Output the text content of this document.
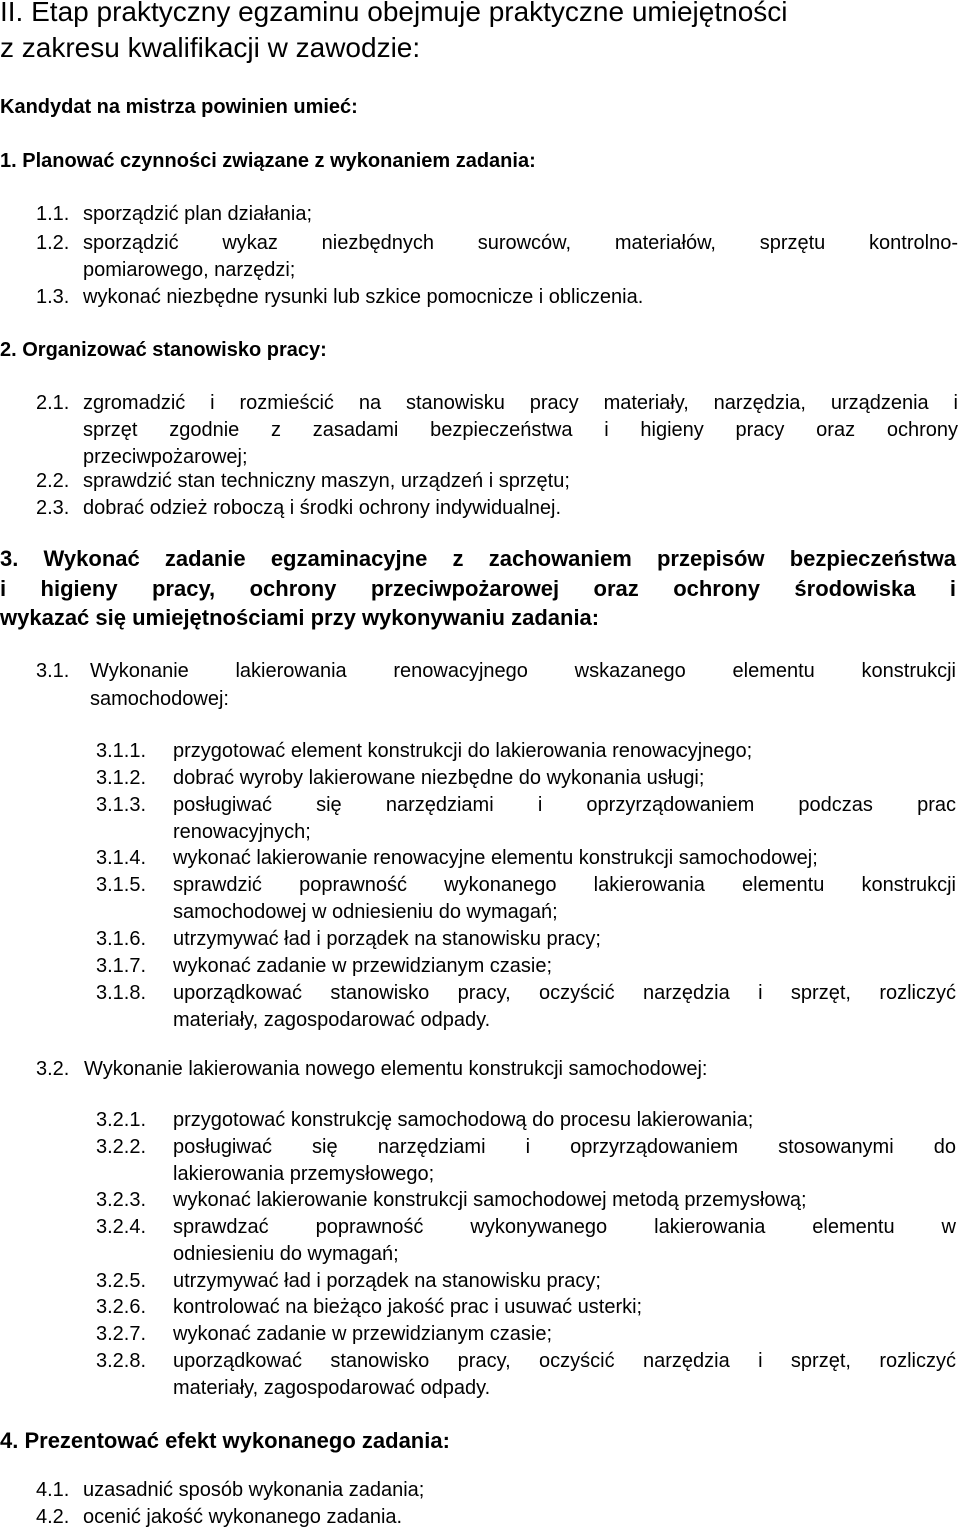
II. Etap praktyczny egzaminu obejmuje praktyczne umiejętności

z zakresu kwalifikacji w zawodzie:

Kandydat na mistrza powinien umieć:

1. Planować czynności związane z wykonaniem zadania:

1.1. sporządzić plan działania;

1.2. sporządzić wykaz niezbędnych surowców, materiałów, sprzętu kontrolno-

pomiarowego, narzędzi;

1.3. wykonać niezbędne rysunki lub szkice pomocnicze i obliczenia.

2. Organizować stanowisko pracy:

2.1. zgromadzić i rozmieścić na stanowisku pracy materiały, narzędzia, urządzenia i

sprzęt zgodnie z zasadami bezpieczeństwa i higieny pracy oraz ochrony

przeciwpożarowej;

2.2. sprawdzić stan techniczny maszyn, urządzeń i sprzętu;

2.3. dobrać odzież roboczą i środki ochrony indywidualnej.

3. Wykonać zadanie egzaminacyjne z zachowaniem przepisów bezpieczeństwa

i higieny pracy, ochrony przeciwpożarowej oraz ochrony środowiska i

wykazać się umiejętnościami przy wykonywaniu zadania:

3.1. Wykonanie lakierowania renowacyjnego wskazanego elementu konstrukcji

samochodowej:

3.1.1. przygotować element konstrukcji do lakierowania renowacyjnego;

3.1.2. dobrać wyroby lakierowane niezbędne do wykonania usługi;

3.1.3. posługiwać się narzędziami i oprzyrządowaniem podczas prac

renowacyjnych;

3.1.4. wykonać lakierowanie renowacyjne elementu konstrukcji samochodowej;

3.1.5. sprawdzić poprawność wykonanego lakierowania elementu konstrukcji

samochodowej w odniesieniu do wymagań;

3.1.6. utrzymywać ład i porządek na stanowisku pracy;

3.1.7. wykonać zadanie w przewidzianym czasie;

3.1.8. uporządkować stanowisko pracy, oczyścić narzędzia i sprzęt, rozliczyć

materiały, zagospodarować odpady.

3.2. Wykonanie lakierowania nowego elementu konstrukcji samochodowej:

3.2.1. przygotować konstrukcję samochodową do procesu lakierowania;

3.2.2. posługiwać się narzędziami i oprzyrządowaniem stosowanymi do

lakierowania przemysłowego;

3.2.3. wykonać lakierowanie konstrukcji samochodowej metodą przemysłową;

3.2.4. sprawdzać poprawność wykonywanego lakierowania elementu w

odniesieniu do wymagań;

3.2.5. utrzymywać ład i porządek na stanowisku pracy;

3.2.6. kontrolować na bieżąco jakość prac i usuwać usterki;

3.2.7. wykonać zadanie w przewidzianym czasie;

3.2.8. uporządkować stanowisko pracy, oczyścić narzędzia i sprzęt, rozliczyć

materiały, zagospodarować odpady.

4. Prezentować efekt wykonanego zadania:

4.1. uzasadnić sposób wykonania zadania;

4.2. ocenić jakość wykonanego zadania.
